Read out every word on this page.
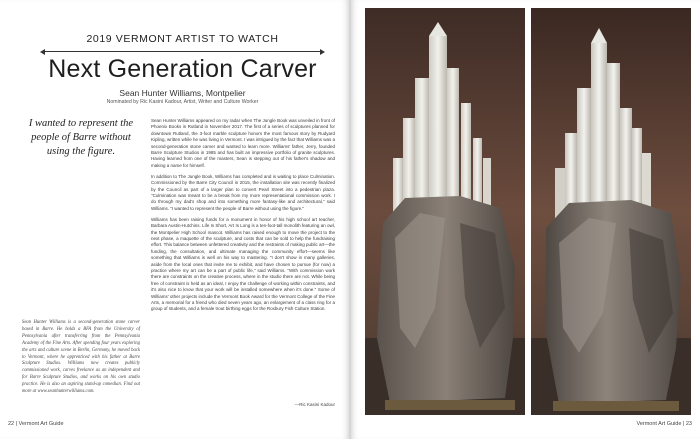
2019 VERMONT ARTIST TO WATCH
Next Generation Carver
Sean Hunter Williams, Montpelier
Nominated by Ric Kasini Kadour, Artist, Writer and Culture Worker
I wanted to represent the people of Barre without using the figure.
Sean Hunter Williams is a second-generation stone carver based in Barre. He holds a BFA from the University of Pennsylvania after transferring from the Pennsylvania Academy of the Fine Arts. After spending four years exploring the arts and culture scene in Berlin, Germany, he moved back to Vermont, where he apprenticed with his father at Barre Sculpture Studios. Williams now creates publicly commissioned work, carves freelance as an independent and for Barre Sculpture Studios, and works on his own studio practice. He is also an aspiring stand-up comedian. Find out more at www.seanhunterwilliams.com.

Sean Hunter Williams appeared on my radar when The Jungle Book was unveiled in front of Phoenix Books in Rutland in November 2017. The first of a series of sculptures planned for downtown Rutland, the 3-foot marble sculpture honors the most famous story by Rudyard Kipling, written while he was living in Vermont. I was intrigued by the fact that Williams was a second-generation stone carver and wanted to learn more. Williams' father, Jerry, founded Barre Sculpture Studios in 1985 and has built an impressive portfolio of granite sculptures. Having learned from one of the masters, Sean is stepping out of his father's shadow and making a name for himself.

In addition to The Jungle Book, Williams has completed and is waiting to place Culmination. Commissioned by the Barre City Council in 2015, the installation site was recently finalized by the Council as part of a larger plan to convert Pearl Street into a pedestrian plaza. "Culmination was meant to be a break from my more representational commission work. I do through my dad's shop and into something more fantasy-like and architectural," said Williams. "I wanted to represent the people of Barre without using the figure."

Williams has been raising funds for a monument in honor of his high school art teacher, Barbara Austin-Hutchins. Life Is Short, Art Is Long is a ten-foot-tall monolith featuring an owl, the Montpelier High School mascot. Williams has raised enough to move the project to the next phase, a maquette of the sculpture, and costs that can be sold to help the fundraising effort. This balance between unfettered creativity and the restraints of making public art—the funding, the consultation, and ultimate managing the community effort—seems like something that Williams is well on his way to mastering. "I don't show in many galleries, aside from the local ones that invite me to exhibit, and have chosen to pursue (for now) a practice where my art can be a part of public life," said Williams. "With commission work there are constraints on the creative process, where in the studio there are not. While being free of constraint is held as an ideal, I enjoy the challenge of working within constraints, and it's also nice to know that your work will be installed somewhere when it's done." Some of Williams' other projects include the Vermont Book Award for the Vermont College of the Fine Arts, a memorial for a friend who died seven years ago, an enlargement of a class ring for a group of students, and a female trout birthing eggs for the Roxbury Fish Culture Station.

—Ric Kasini Kadour
22 | Vermont Art Guide	Vermont Art Guide | 23
